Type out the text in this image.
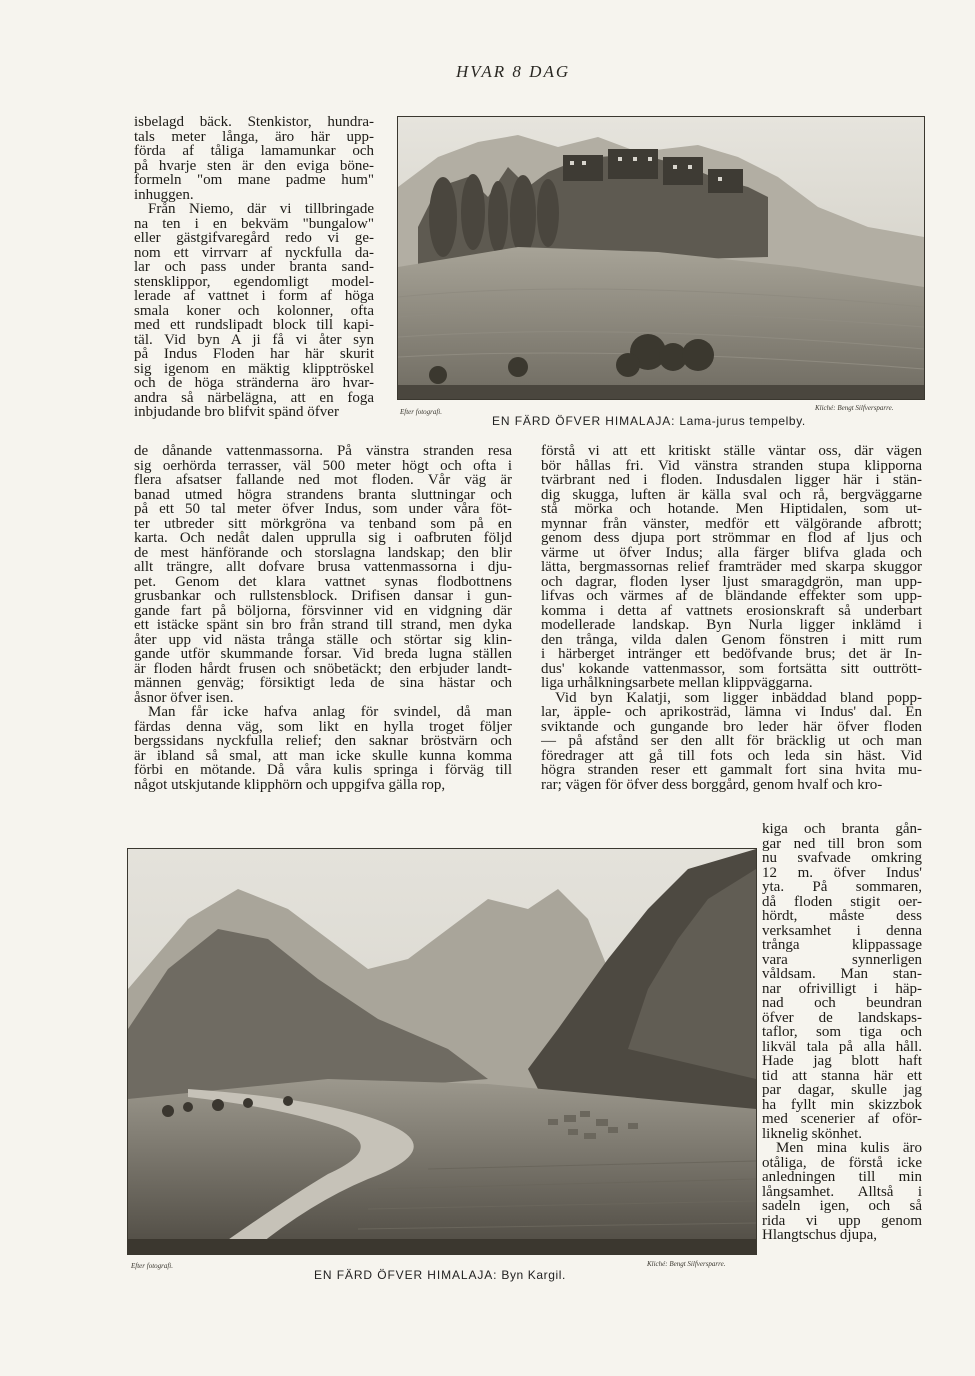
HVAR 8 DAG
isbelagd bäck. Stenkistor, hundra-
tals meter långa, äro här upp-
förda af tåliga lamamunkar och
på hvarje sten är den eviga böne-
formeln "om mane padme hum"
inhuggen.
Från Niemo, där vi tillbringade
na ten i en bekväm "bungalow"
eller gästgifvaregård redo vi ge-
nom ett virrvarr af nyckfulla da-
lar och pass under branta sand-
stensklippor, egendomligt model-
lerade af vattnet i form af höga
smala koner och kolonner, ofta
med ett rundslipadt block till kapi-
täl. Vid byn A ji få vi åter syn
på Indus Floden har här skurit
sig igenom en mäktig klipptröskel
och de höga stränderna äro hvar-
andra så närbelägna, att en foga
inbjudande bro blifvit spänd öfver
de dånande vattenmassorna. På vänstra stranden resa
sig oerhörda terrasser, väl 500 meter högt och ofta i
flera afsatser fallande ned mot floden. Vår väg är
banad utmed högra strandens branta sluttningar och
på ett 50 tal meter öfver Indus, som under våra föt-
ter utbreder sitt mörkgröna va tenband som på en
karta. Och nedåt dalen upprulla sig i oafbruten följd
de mest hänförande och storslagna landskap; den blir
allt trängre, allt dofvare brusa vattenmassorna i dju-
pet. Genom det klara vattnet synas flodbottnens
grusbankar och rullstensblock. Drifisen dansar i gun-
gande fart på böljorna, försvinner vid en vidgning där
ett istäcke spänt sin bro från strand till strand, men dyka
åter upp vid nästa trånga ställe och störtar sig klin-
gande utför skummande forsar. Vid breda lugna ställen
är floden hårdt frusen och snöbetäckt; den erbjuder landt-
männen genväg; försiktigt leda de sina hästar och
åsnor öfver isen.
Man får icke hafva anlag för svindel, då man
färdas denna väg, som likt en hylla troget följer
bergssidans nyckfulla relief; den saknar bröstvärn och
är ibland så smal, att man icke skulle kunna komma
förbi en mötande. Då våra kulis springa i förväg till
något utskjutande klipphörn och uppgifva gälla rop,
förstå vi att ett kritiskt ställe väntar oss, där vägen
bör hållas fri. Vid vänstra stranden stupa klipporna
tvärbrant ned i floden. Indusdalen ligger här i stän-
dig skugga, luften är källa sval och rå, bergväggarne
stå mörka och hotande. Men Hiptidalen, som ut-
mynnar från vänster, medför ett välgörande afbrott;
genom dess djupa port strömmar en flod af ljus och
värme ut öfver Indus; alla färger blifva glada och
lätta, bergmassornas relief framträder med skarpa skuggor
och dagrar, floden lyser ljust smaragdgrön, man upp-
lifvas och värmes af de bländande effekter som upp-
komma i detta af vattnets erosionskraft så underbart
modellerade landskap. Byn Nurla ligger inklämd i
den trånga, vilda dalen Genom fönstren i mitt rum
i härberget intränger ett bedöfvande brus; det är In-
dus' kokande vattenmassor, som fortsätta sitt outtrött-
liga urhålkningsarbete mellan klippväggarna.
Vid byn Kalatji, som ligger inbäddad bland popp-
lar, äpple- och aprikosträd, lämna vi Indus' dal. En
sviktande och gungande bro leder här öfver floden
— på afstånd ser den allt för bräcklig ut och man
föredrager att gå till fots och leda sin häst. Vid
högra stranden reser ett gammalt fort sina hvita mu-
rar; vägen för öfver dess borggård, genom hvalf och kro-
kiga och branta gån-
gar ned till bron som
nu svafvade omkring
12 m. öfver Indus'
yta. På sommaren,
då floden stigit oer-
hördt, måste dess
verksamhet i denna
trånga klippassage
vara synnerligen
våldsam. Man stan-
nar ofrivilligt i häp-
nad och beundran
öfver de landskaps-
taflor, som tiga och
likväl tala på alla håll.
Hade jag blott haft
tid att stanna här ett
par dagar, skulle jag
ha fyllt min skizzbok
med scenerier af oför-
liknelig skönhet.
Men mina kulis äro
otåliga, de förstå icke
anledningen till min
långsamhet. Alltså i
sadeln igen, och så
rida vi upp genom
Hlangtschus djupa,
Efter fotografi.	Kliché: Bengt Silfversparre.
EN FÄRD ÖFVER HIMALAJA: Lama-jurus tempelby.
Efter fotografi.	Kliché: Bengt Silfversparre.
EN FÄRD ÖFVER HIMALAJA: Byn Kargil.
